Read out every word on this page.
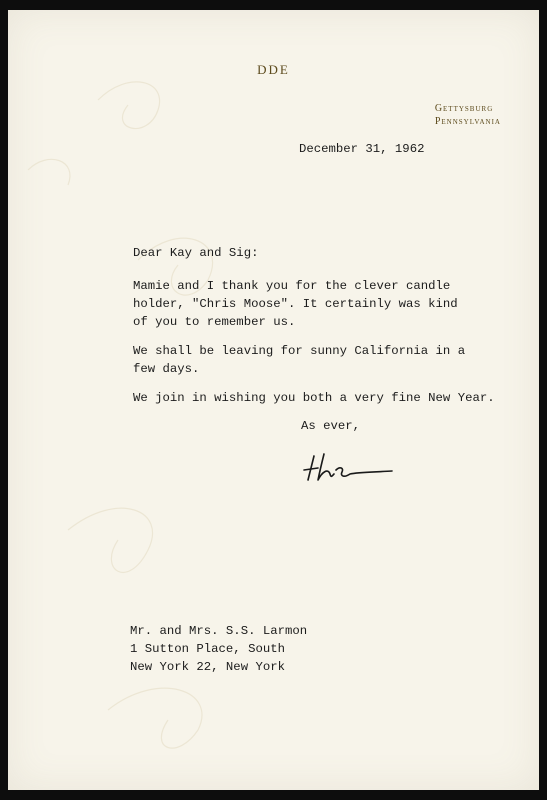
DDE
Gettysburg
Pennsylvania
December 31, 1962
Dear Kay and Sig:
Mamie and I thank you for the clever candle
holder, "Chris Moose". It certainly was kind
of you to remember us.
We shall be leaving for sunny California in a
few days.
We join in wishing you both a very fine New Year.
As ever,
Mr. and Mrs. S.S. Larmon
1 Sutton Place, South
New York 22, New York
